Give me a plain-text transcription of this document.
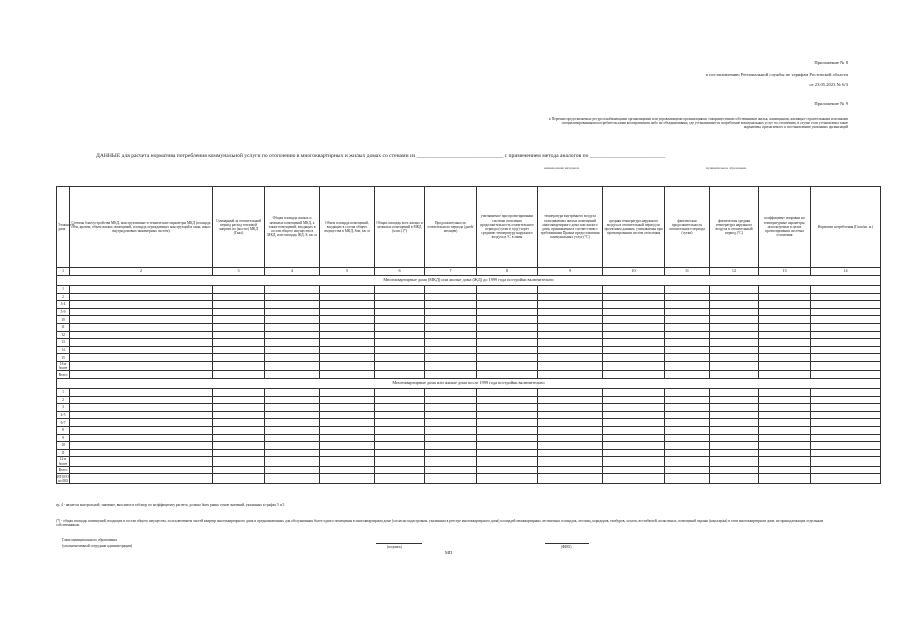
Приложение № 8
к постановлению Региональной службы по тарифам Ростовской области
от 23.05.2023 № 6/3
Приложение № 9
к Перечню представляемых ресурсоснабжающими организациями или управляющими организациями, товариществами собственников жилья, жилищными, жилищно-строительными или иными специализированными потребительскими кооперативами либо их объединениями, где устанавливается потребление коммунальных услуг по отоплению, в случае если установлены такие нормативы, прилагаемого к постановлению указанных организаций
ДАННЫЕ для расчета норматива потребления коммунальной услуги по отоплению в многоквартирных и жилых домах со стенами из _______________________________ с применением метода аналогов по ___________________________
наименование материала	муниципальное образование
Этажность дома	Степень благоустройства МКД, конструктивные и технические параметры МКД (площадь стен, кровли, объем жилых помещений, площадь ограждающих конструкций и окон, износ внутридомовых инженерных систем)	Суммарный за отопительный период расход тепловой энергии по (кол-во) МКД (Гкал)	Общая площадь жилых и нежилых помещений МКД, а также помещений, входящих в состав общего имущества в МКД, или площадь ЖД, S, кв. м	Объем площадь помещений, входящих в состав общего имущества в МКД, Sои, кв. м	Общая площадь всех жилых и нежилых помещений в МКД (м кв.) (*)	Продолжительность отопительного периода (дней/месяцев)	учитываемое при проектировании системы отопления продолжительность отопительного периода (сутки в году) через среднюю температуру наружного воздуха в °С в зимы	температура внутреннего воздуха отапливаемых жилых помещений многоквартирного дома или жилого дома, принимаемая в соответствии с требованиями Правил предоставления коммунальных услуг (°С)	средняя температура наружного воздуха в отопительный период по проектным данным, учитываемая при проектировании систем отопления	фактическая продолжительность отопительного периода (сутки)	фактическая средняя температура наружного воздуха в отопительный период (°С)	коэффициент поправки на температурные параметры, используемые в целях проектирования системы отопления	Норматив потребления (Гкал/кв. м.)
1	2	3	4	5	6	7	8	9	10	11	12	13	14
Многоквартирные дома (МКД) или жилые дома (ЖД) до 1999 года постройки включительно													
1													
2													
3-4													
5-9													
10													
11													
12													
13													
14													
15													
16 и более													
Всего													
Многоквартирные дома или жилые дома после 1999 года постройки включительно													
1													
2													
3													
4-5													
6-7													
8													
9													
10													
11													
12 и более													
Всего													
ИТОГО по МО													
гр. 4 - является контрольной, значение, вносимое в таблицу по коэффициенту расчета, должно быть равно сумме значений, указанных в графах 5 и 5.
(*) - общая площадь помещений, входящих в состав общего имущества, за исключением частей квартир многоквартирного дома и предназначенных для обслуживания более одного помещения в многоквартирном доме (согласно кадастровым, указанным в реестре многоквартирного дома) площадей межквартирных лестничных площадок, лестниц, коридоров, тамбуров, холлов, вестибюлей, колясочных, помещений охраны (консьержа) в этом многоквартирном доме, не принадлежащих отдельным собственникам.
Глава муниципального образования
(уполномоченный сотрудник администрации)	(подпись)	(ФИО)
МП
